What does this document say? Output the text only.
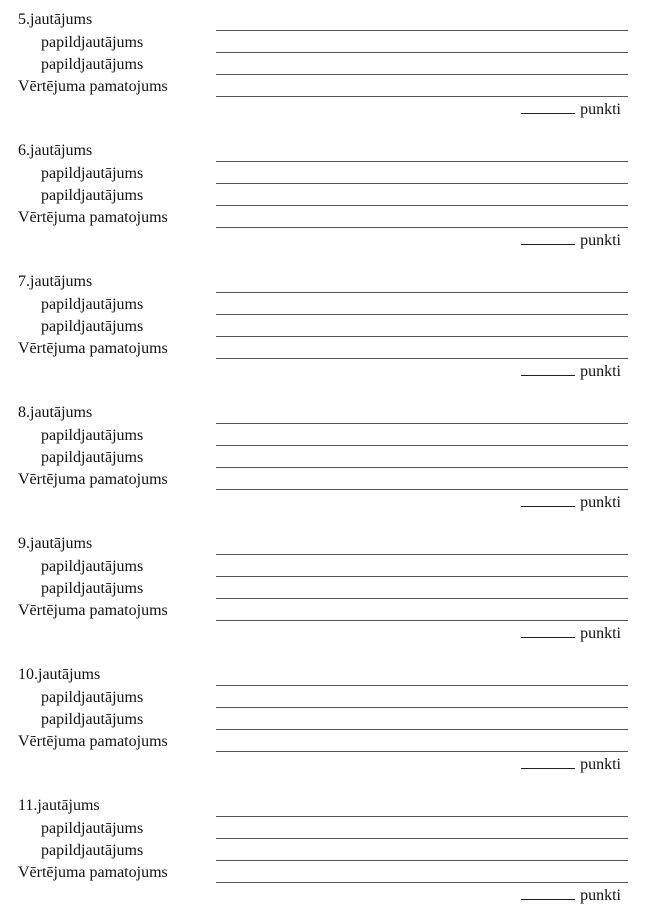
5.jautājums
papildjautājums
papildjautājums
Vērtējuma pamatojums
punkti
6.jautājums
papildjautājums
papildjautājums
Vērtējuma pamatojums
punkti
7.jautājums
papildjautājums
papildjautājums
Vērtējuma pamatojums
punkti
8.jautājums
papildjautājums
papildjautājums
Vērtējuma pamatojums
punkti
9.jautājums
papildjautājums
papildjautājums
Vērtējuma pamatojums
punkti
10.jautājums
papildjautājums
papildjautājums
Vērtējuma pamatojums
punkti
11.jautājums
papildjautājums
papildjautājums
Vērtējuma pamatojums
punkti
